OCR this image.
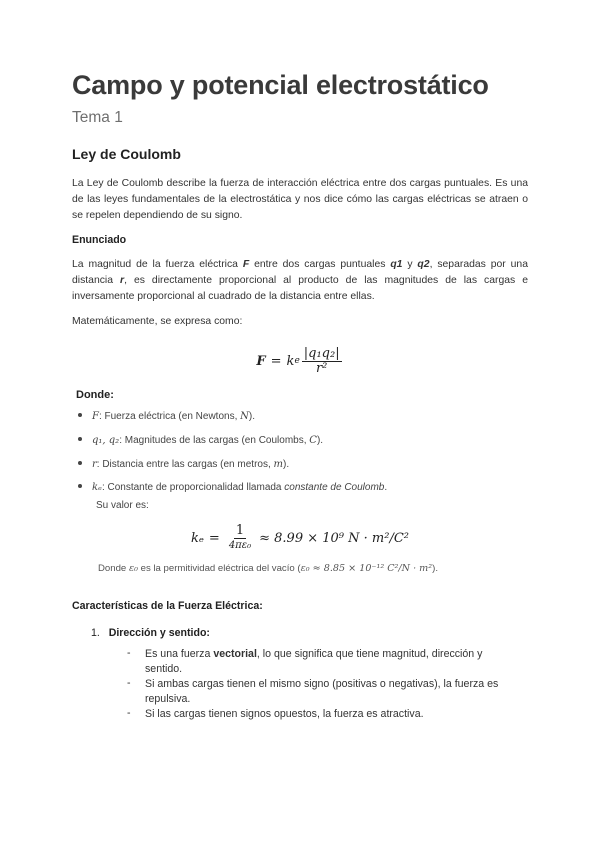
Campo y potencial electrostático
Tema 1
Ley de Coulomb

La Ley de Coulomb describe la fuerza de interacción eléctrica entre dos cargas puntuales. Es una de las leyes fundamentales de la electrostática y nos dice cómo las cargas eléctricas se atraen o se repelen dependiendo de su signo.

Enunciado

La magnitud de la fuerza eléctrica F entre dos cargas puntuales q1 y q2, separadas por una distancia r, es directamente proporcional al producto de las magnitudes de las cargas e inversamente proporcional al cuadrado de la distancia entre ellas.

Matemáticamente, se expresa como:

F = k e $\frac{\text{|q₁q₂|}}{\text{r²}}$
Donde:
F: Fuerza eléctrica (en Newtons, N).
q₁, q₂: Magnitudes de las cargas (en Coulombs, C).
r: Distancia entre las cargas (en metros, m).
kₑ: Constante de proporcionalidad llamada constante de Coulomb.
Su valor es:
$k_e = \frac{1}{\text{4πε₀}} \approx 8.99 \times 10^9$ N · m²/C²
Donde ε₀ es la permitividad eléctrica del vacío (ε₀ ≈ 8.85 × 10⁻¹² C²/N · m²).
Características de la Fuerza Eléctrica:
1. Dirección y sentido:
- Es una fuerza vectorial, lo que significa que tiene magnitud, dirección y sentido.
- Si ambas cargas tienen el mismo signo (positivas o negativas), la fuerza es repulsiva.
- Si las cargas tienen signos opuestos, la fuerza es atractiva.
